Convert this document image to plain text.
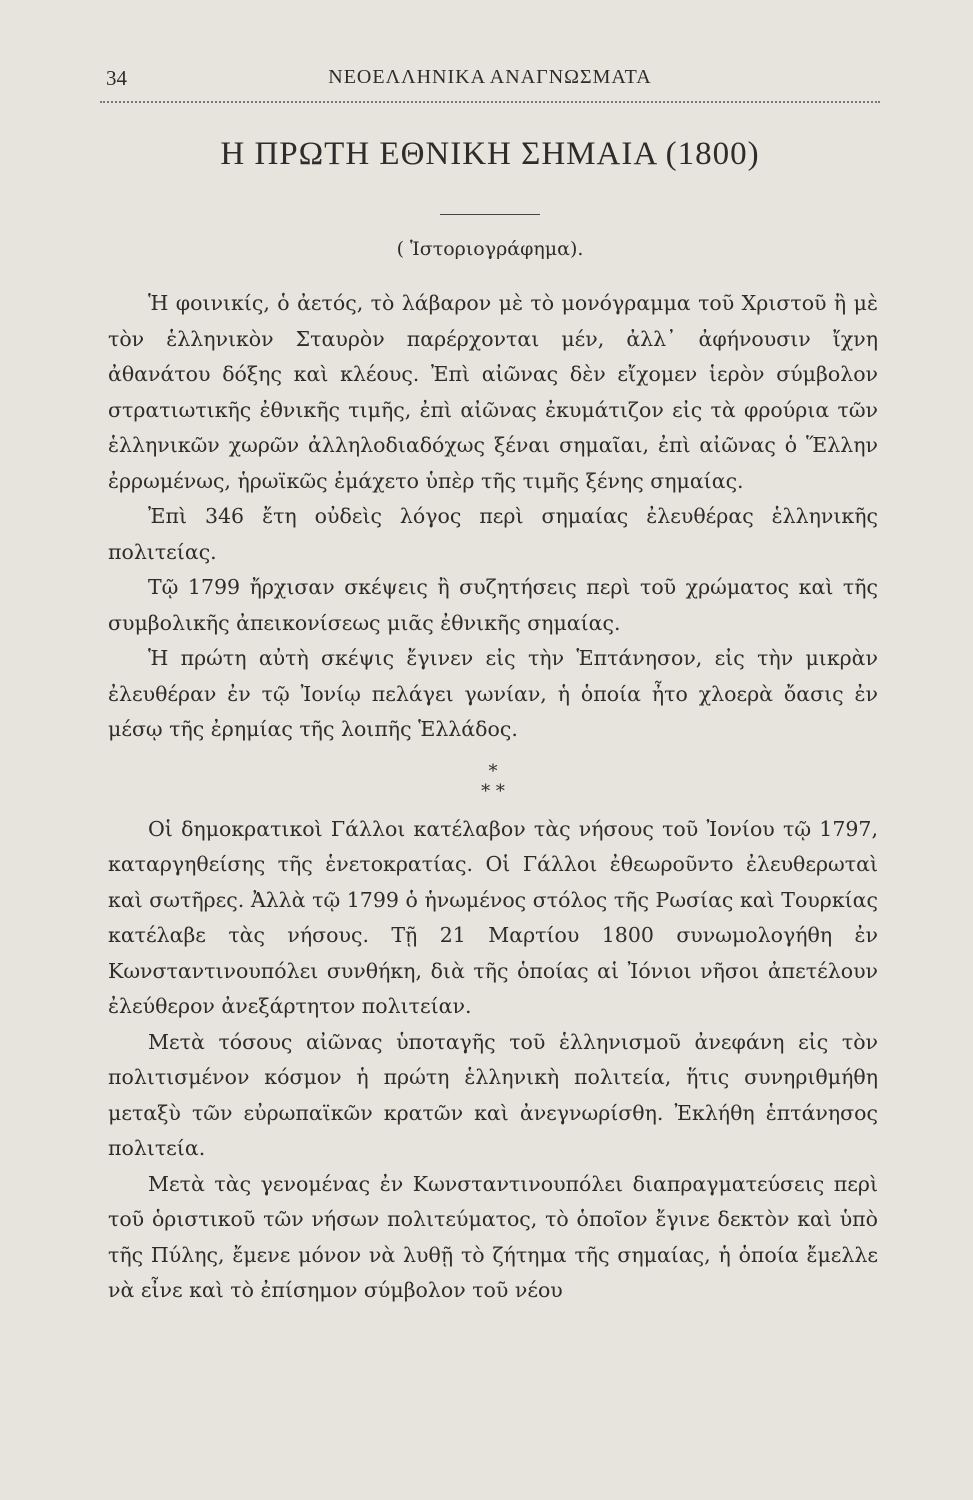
34	ΝΕΟΕΛΛΗΝΙΚΑ ΑΝΑΓΝΩΣΜΑΤΑ
Η ΠΡΩΤΗ ΕΘΝΙΚΗ ΣΗΜΑΙΑ (1800)
( Ἱστοριογράφημα).

Ἡ φοινικίς, ὁ ἀετός, τὸ λάβαρον μὲ τὸ μονόγραμμα τοῦ Χριστοῦ ἢ μὲ τὸν ἑλληνικὸν Σταυρὸν παρέρχονται μέν, ἀλλ᾽ ἀφήνουσιν ἴχνη ἀθανάτου δόξης καὶ κλέους. Ἐπὶ αἰῶνας δὲν εἴχομεν ἱερὸν σύμβολον στρατιωτικῆς ἐθνικῆς τιμῆς, ἐπὶ αἰῶνας ἐκυμάτιζον εἰς τὰ φρούρια τῶν ἑλληνικῶν χωρῶν ἀλληλοδιαδόχως ξέναι σημαῖαι, ἐπὶ αἰῶνας ὁ Ἕλλην ἐρρωμένως, ἡρωϊκῶς ἐμάχετο ὑπὲρ τῆς τιμῆς ξένης σημαίας.

Ἐπὶ 346 ἔτη οὐδεὶς λόγος περὶ σημαίας ἐλευθέρας ἑλληνικῆς πολιτείας.

Τῷ 1799 ἤρχισαν σκέψεις ἢ συζητήσεις περὶ τοῦ χρώματος καὶ τῆς συμβολικῆς ἀπεικονίσεως μιᾶς ἐθνικῆς σημαίας.

Ἡ πρώτη αὐτὴ σκέψις ἔγινεν εἰς τὴν Ἑπτάνησον, εἰς τὴν μικρὰν ἐλευθέραν ἐν τῷ Ἰονίῳ πελάγει γωνίαν, ἡ ὁποία ἦτο χλοερὰ ὄασις ἐν μέσῳ τῆς ἐρημίας τῆς λοιπῆς Ἑλλάδος.

*
* *

Οἱ δημοκρατικοὶ Γάλλοι κατέλαβον τὰς νήσους τοῦ Ἰονίου τῷ 1797, καταργηθείσης τῆς ἑνετοκρατίας. Οἱ Γάλλοι ἐθεωροῦντο ἐλευθερωταὶ καὶ σωτῆρες. Ἀλλὰ τῷ 1799 ὁ ἡνωμένος στόλος τῆς Ρωσίας καὶ Τουρκίας κατέλαβε τὰς νήσους. Τῇ 21 Μαρτίου 1800 συνωμολογήθη ἐν Κωνσταντινουπόλει συνθήκη, διὰ τῆς ὁποίας αἱ Ἰόνιοι νῆσοι ἀπετέλουν ἐλεύθερον ἀνεξάρτητον πολιτείαν.

Μετὰ τόσους αἰῶνας ὑποταγῆς τοῦ ἑλληνισμοῦ ἀνεφάνη εἰς τὸν πολιτισμένον κόσμον ἡ πρώτη ἑλληνικὴ πολιτεία, ἥτις συνηριθμήθη μεταξὺ τῶν εὐρωπαϊκῶν κρατῶν καὶ ἀνεγνωρίσθη. Ἐκλήθη ἑπτάνησος πολιτεία.

Μετὰ τὰς γενομένας ἐν Κωνσταντινουπόλει διαπραγματεύσεις περὶ τοῦ ὁριστικοῦ τῶν νήσων πολιτεύματος, τὸ ὁποῖον ἔγινε δεκτὸν καὶ ὑπὸ τῆς Πύλης, ἔμενε μόνον νὰ λυθῇ τὸ ζήτημα τῆς σημαίας, ἡ ὁποία ἔμελλε νὰ εἶνε καὶ τὸ ἐπίσημον σύμβολον τοῦ νέου
